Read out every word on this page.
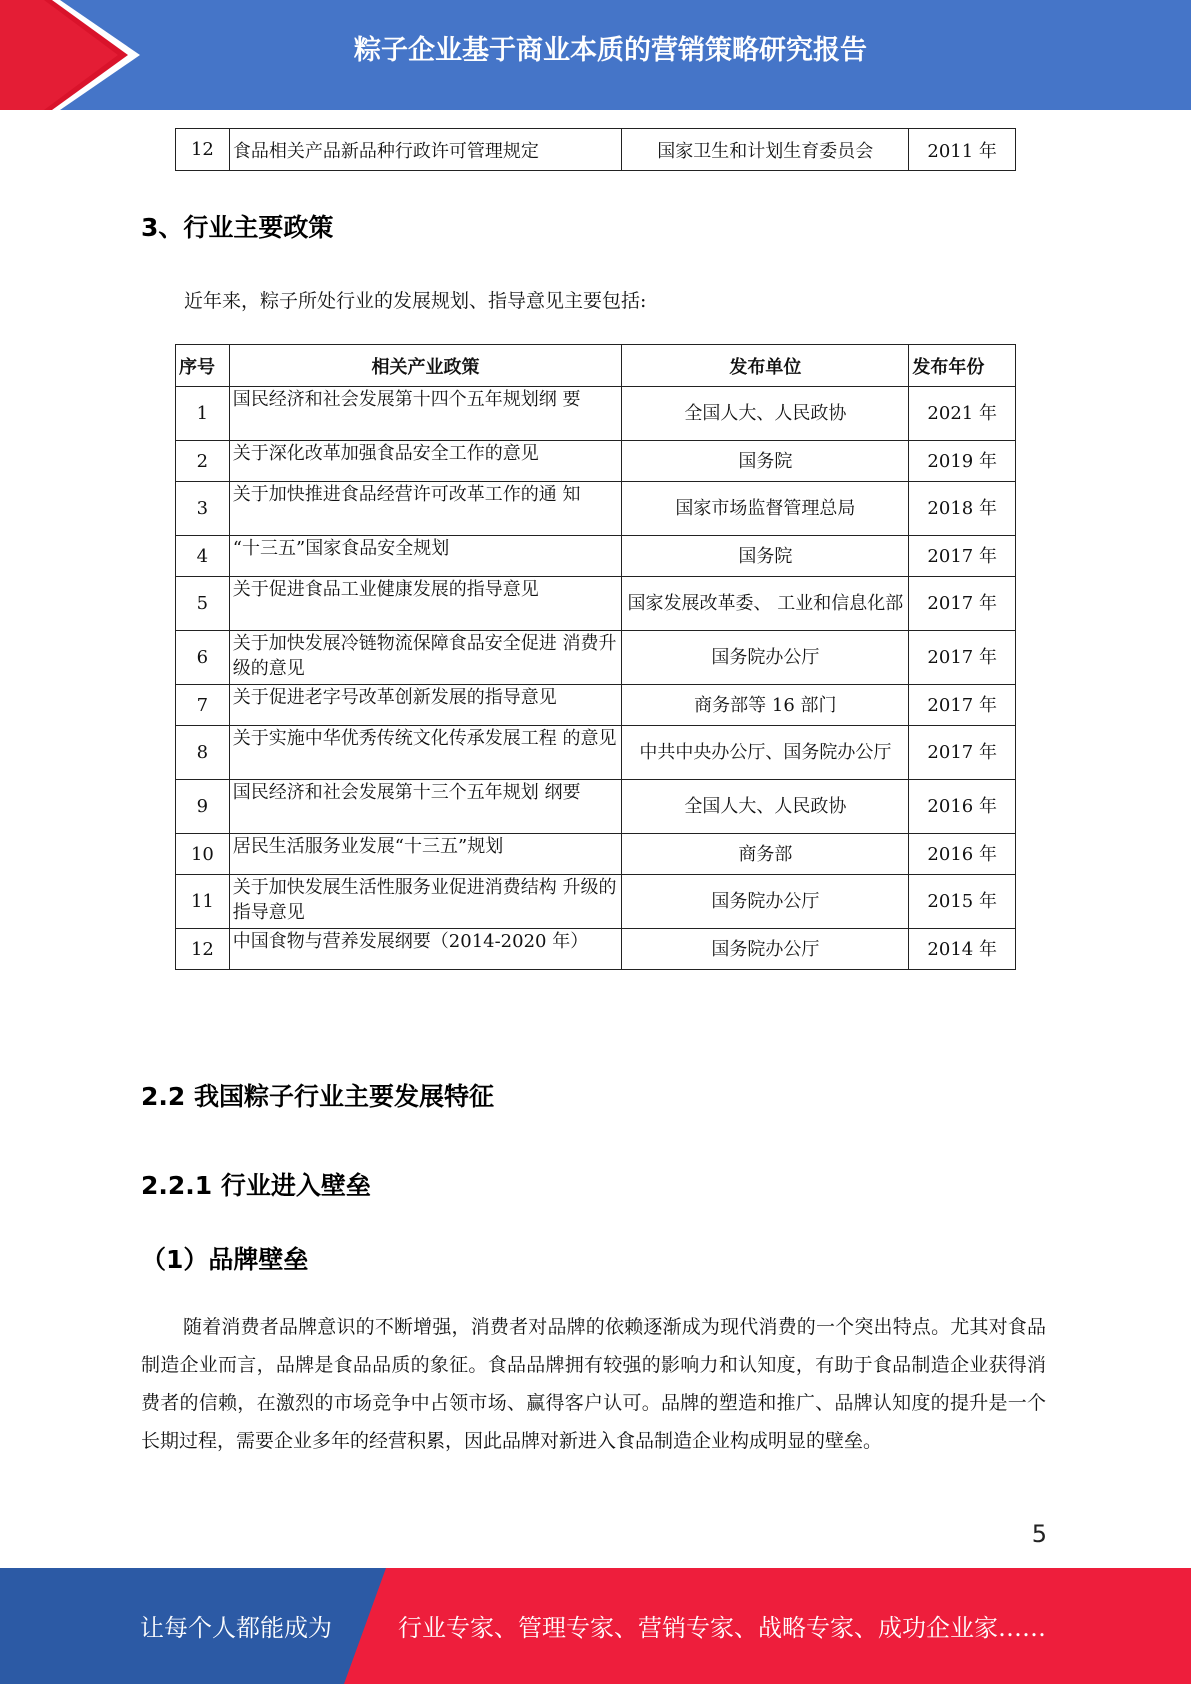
粽子企业基于商业本质的营销策略研究报告
12	食品相关产品新品种行政许可管理规定	国家卫生和计划生育委员会	2011 年
3、行业主要政策

近年来，粽子所处行业的发展规划、指导意见主要包括:

序号	相关产业政策	发布单位	发布年份
1	国民经济和社会发展第十四个五年规划纲 要	全国人大、人民政协	2021 年
2	关于深化改革加强食品安全工作的意见	国务院	2019 年
3	关于加快推进食品经营许可改革工作的通 知	国家市场监督管理总局	2018 年
4	“十三五”国家食品安全规划	国务院	2017 年
5	关于促进食品工业健康发展的指导意见	国家发展改革委、 工业和信息化部	2017 年
6	关于加快发展冷链物流保障食品安全促进 消费升级的意见	国务院办公厅	2017 年
7	关于促进老字号改革创新发展的指导意见	商务部等 16 部门	2017 年
8	关于实施中华优秀传统文化传承发展工程 的意见	中共中央办公厅、国务院办公厅	2017 年
9	国民经济和社会发展第十三个五年规划 纲要	全国人大、人民政协	2016 年
10	居民生活服务业发展“十三五”规划	商务部	2016 年
11	关于加快发展生活性服务业促进消费结构 升级的指导意见	国务院办公厅	2015 年
12	中国食物与营养发展纲要（2014-2020 年）	国务院办公厅	2014 年
2.2 我国粽子行业主要发展特征
2.2.1 行业进入壁垒
（1）品牌壁垒

随着消费者品牌意识的不断增强，消费者对品牌的依赖逐渐成为现代消费的一个突出特点。尤其对食品制造企业而言，品牌是食品品质的象征。食品品牌拥有较强的影响力和认知度，有助于食品制造企业获得消费者的信赖，在激烈的市场竞争中占领市场、赢得客户认可。品牌的塑造和推广、品牌认知度的提升是一个长期过程，需要企业多年的经营积累，因此品牌对新进入食品制造企业构成明显的壁垒。

5
让每个人都能成为	行业专家、管理专家、营销专家、战略专家、成功企业家……
